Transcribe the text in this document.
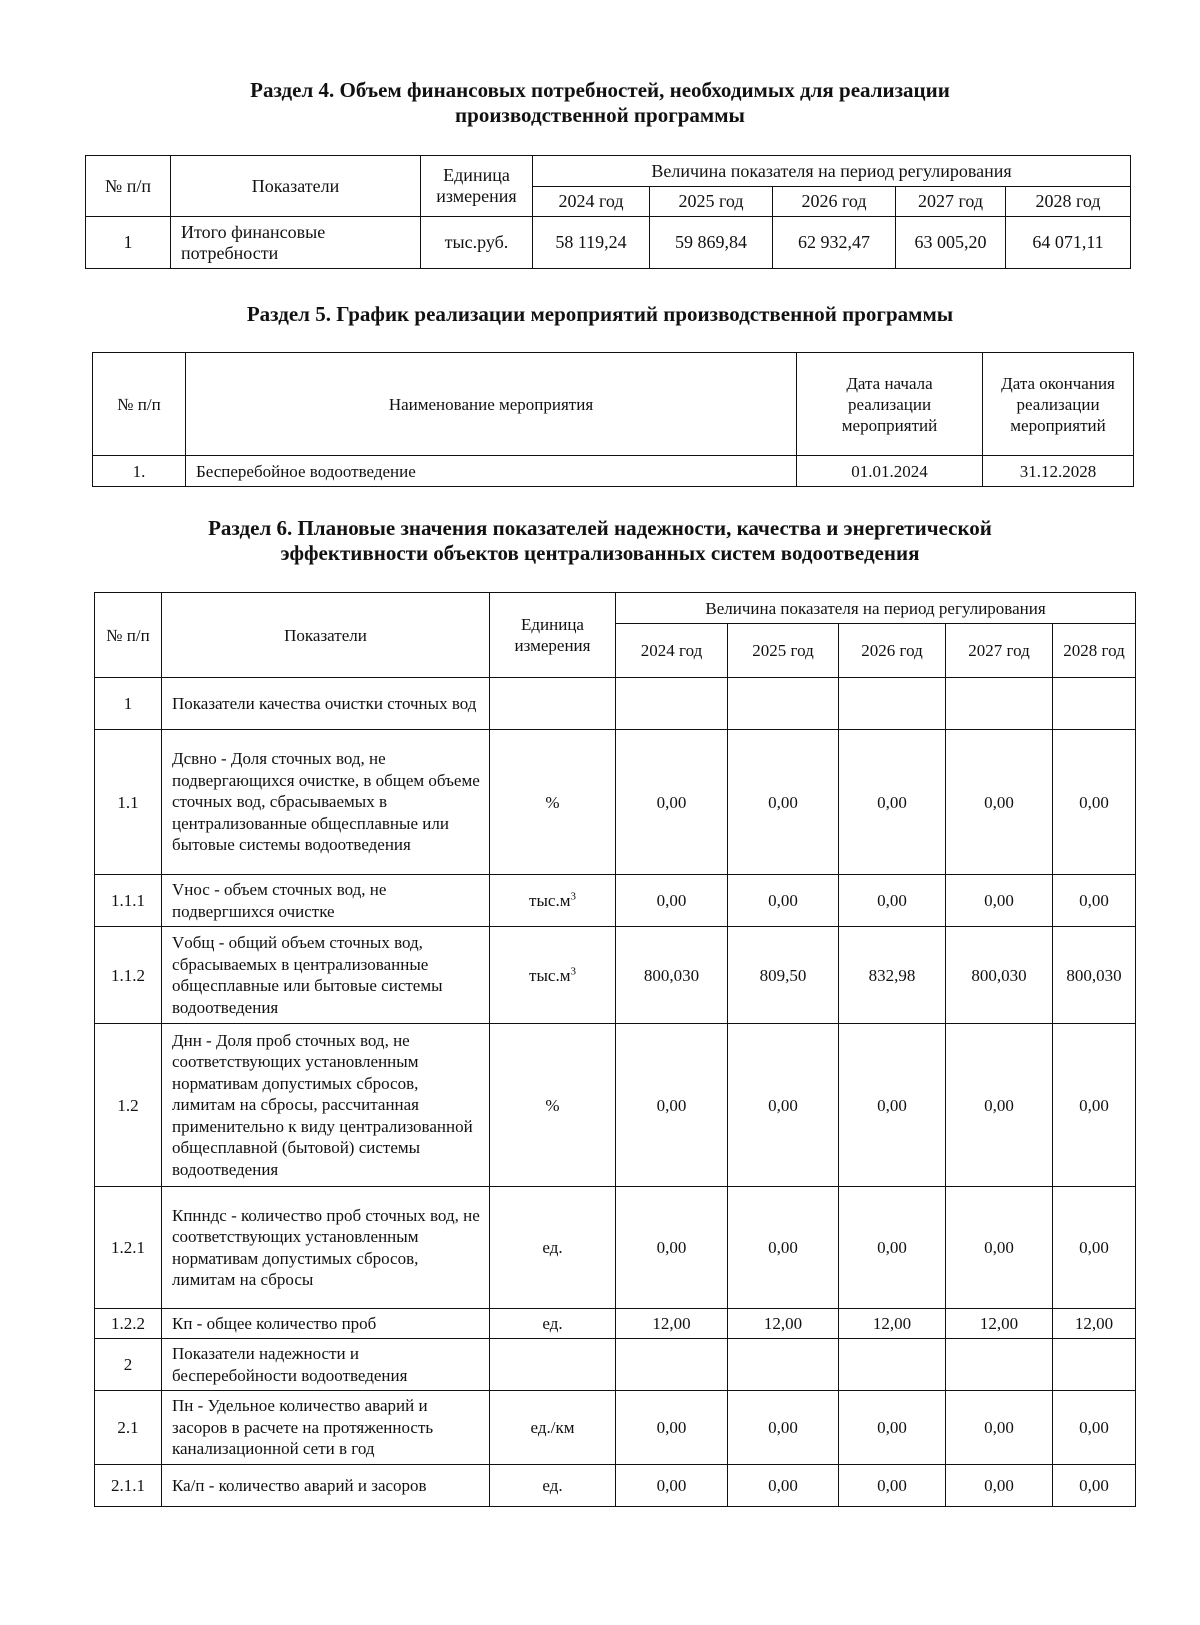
Раздел 4. Объем финансовых потребностей, необходимых для реализации
производственной программы
№ п/п	Показатели	Единица измерения	Величина показателя на период регулирования				
			2024 год	2025 год	2026 год	2027 год	2028 год
1	Итого финансовые потребности	тыс.руб.	58 119,24	59 869,84	62 932,47	63 005,20	64 071,11
Раздел 5. График реализации мероприятий производственной программы
№ п/п	Наименование мероприятия	Дата начала реализации мероприятий	Дата окончания реализации мероприятий
1.	Бесперебойное водоотведение	01.01.2024	31.12.2028
Раздел 6. Плановые значения показателей надежности, качества и энергетической
эффективности объектов централизованных систем водоотведения
№ п/п	Показатели	Единица измерения	Величина показателя на период регулирования				
			2024 год	2025 год	2026 год	2027 год	2028 год
1	Показатели качества очистки сточных вод						
1.1	Дсвно - Доля сточных вод, не подвергающихся очистке, в общем объеме сточных вод, сбрасываемых в централизованные общесплавные или бытовые системы водоотведения	%	0,00	0,00	0,00	0,00	0,00
1.1.1	Vнос - объем сточных вод, не подвергшихся очистке	$тыс.м^3$	0,00	0,00	0,00	0,00	0,00
1.1.2	Vобщ - общий объем сточных вод, сбрасываемых в централизованные общесплавные или бытовые системы водоотведения	$тыс.м^3$	800,030	809,50	832,98	800,030	800,030
1.2	Днн - Доля проб сточных вод, не соответствующих установленным нормативам допустимых сбросов, лимитам на сбросы, рассчитанная применительно к виду централизованной общесплавной (бытовой) системы водоотведения	%	0,00	0,00	0,00	0,00	0,00
1.2.1	Кпнндс - количество проб сточных вод, не соответствующих установленным нормативам допустимых сбросов, лимитам на сбросы	ед.	0,00	0,00	0,00	0,00	0,00
1.2.2	Кп - общее количество проб	ед.	12,00	12,00	12,00	12,00	12,00
2	Показатели надежности и бесперебойности водоотведения						
2.1	Пн - Удельное количество аварий и засоров в расчете на протяженность канализационной сети в год	ед./км	0,00	0,00	0,00	0,00	0,00
2.1.1	Ка/п - количество аварий и засоров	ед.	0,00	0,00	0,00	0,00	0,00
